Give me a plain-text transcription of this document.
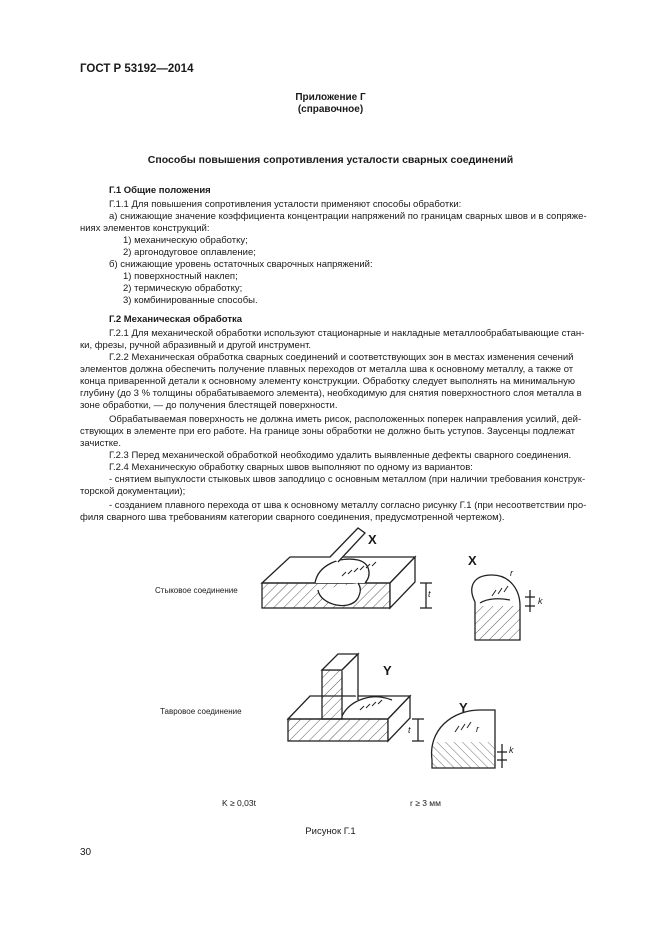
ГОСТ Р 53192—2014
Приложение Г
(справочное)
Способы повышения сопротивления усталости сварных соединений
Г.1 Общие положения
Г.1.1 Для повышения сопротивления усталости применяют способы обработки:
а) снижающие значение коэффициента концентрации напряжений по границам сварных швов и в сопряже-
ниях элементов конструкций:
1) механическую обработку;
2) аргонодуговое оплавление;
б) снижающие уровень остаточных сварочных напряжений:
1) поверхностный наклеп;
2) термическую обработку;
3) комбинированные способы.
Г.2 Механическая обработка
Г.2.1 Для механической обработки используют стационарные и накладные металлообрабатывающие стан-
ки, фрезы, ручной абразивный и другой инструмент.
Г.2.2 Механическая обработка сварных соединений и соответствующих зон в местах изменения сечений
элементов должна обеспечить получение плавных переходов от металла шва к основному металлу, а также от
конца приваренной детали к основному элементу конструкции. Обработку следует выполнять на минимальную
глубину (до 3 % толщины обрабатываемого элемента), необходимую для снятия поверхностного слоя металла в
зоне обработки, — до получения блестящей поверхности.
Обрабатываемая поверхность не должна иметь рисок, расположенных поперек направления усилий, дей-
ствующих в элементе при его работе. На границе зоны обработки не должно быть уступов. Заусенцы подлежат
зачистке.
Г.2.3 Перед механической обработкой необходимо удалить выявленные дефекты сварного соединения.
Г.2.4 Механическую обработку сварных швов выполняют по одному из вариантов:
- снятием выпуклости стыковых швов заподлицо с основным металлом (при наличии требования конструк-
торской документации);
- созданием плавного перехода от шва к основному металлу согласно рисунку Г.1 (при несоответствии про-
филя сварного шва требованиям категории сварного соединения, предусмотренной чертежом).
Стыковое соединение
Тавровое соединение
X
X
Y
Y
t
t
k
k
r
r
K ≥ 0,03t	r ≥ 3 мм
Рисунок Г.1
30
